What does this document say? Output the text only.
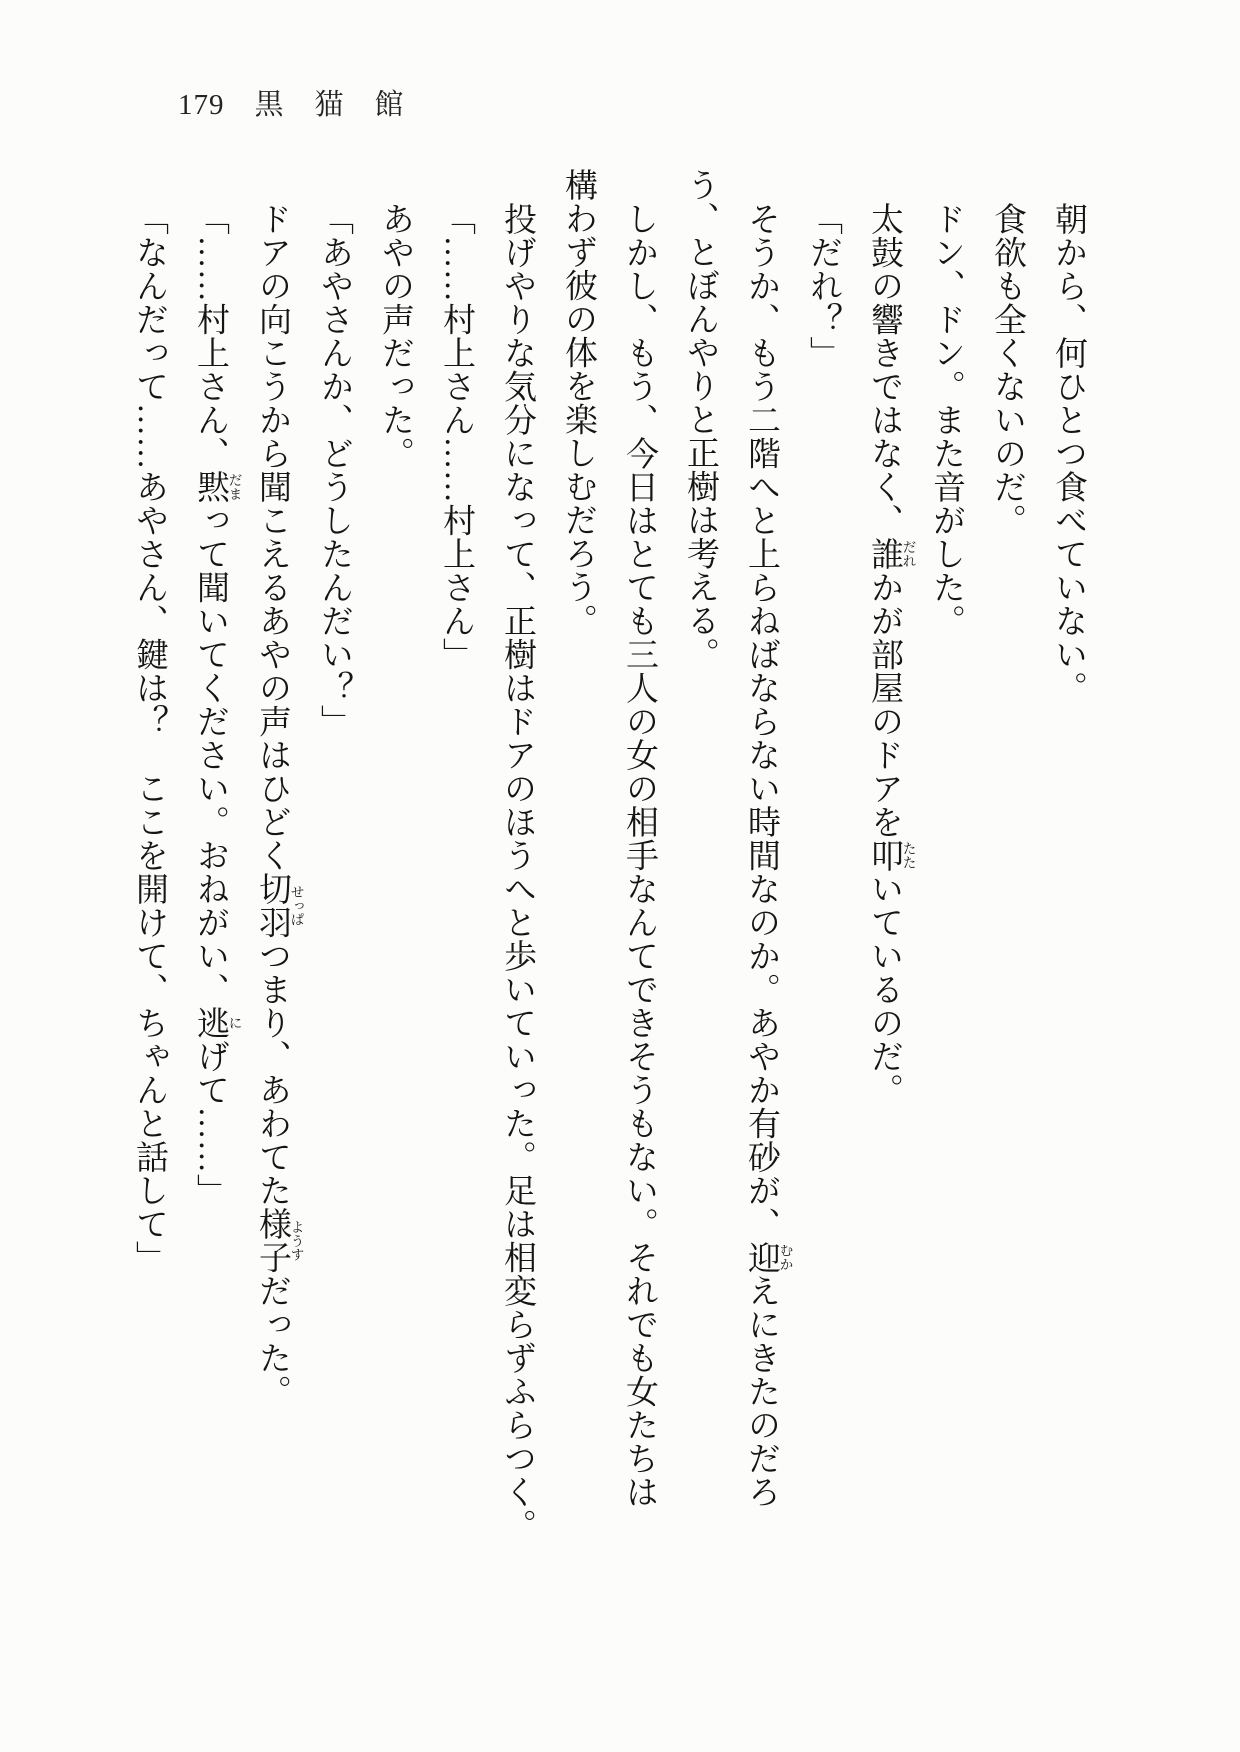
179 黒　猫　館

朝から、何ひとつ食べていない。

食欲も全くないのだ。

ドン、ドン。また音がした。

太鼓の響きではなく、誰だれかが部屋のドアを叩たたいているのだ。

「だれ？」

そうか、もう二階へと上らねばならない時間なのか。あやか有砂が、迎むかえにきたのだろ

う、とぼんやりと正樹は考える。

しかし、もう、今日はとても三人の女の相手なんてできそうもない。それでも女たちは

構わず彼の体を楽しむだろう。

投げやりな気分になって、正樹はドアのほうへと歩いていった。足は相変らずふらつく。

「……村上さん……村上さん」

あやの声だった。

「あやさんか、どうしたんだい？」

ドアの向こうから聞こえるあやの声はひどく切羽せっぱつまり、あわてた様子ようすだった。

「……村上さん、黙だまって聞いてください。おねがい、逃にげて……」

「なんだって……あやさん、鍵は？　ここを開けて、ちゃんと話して」
